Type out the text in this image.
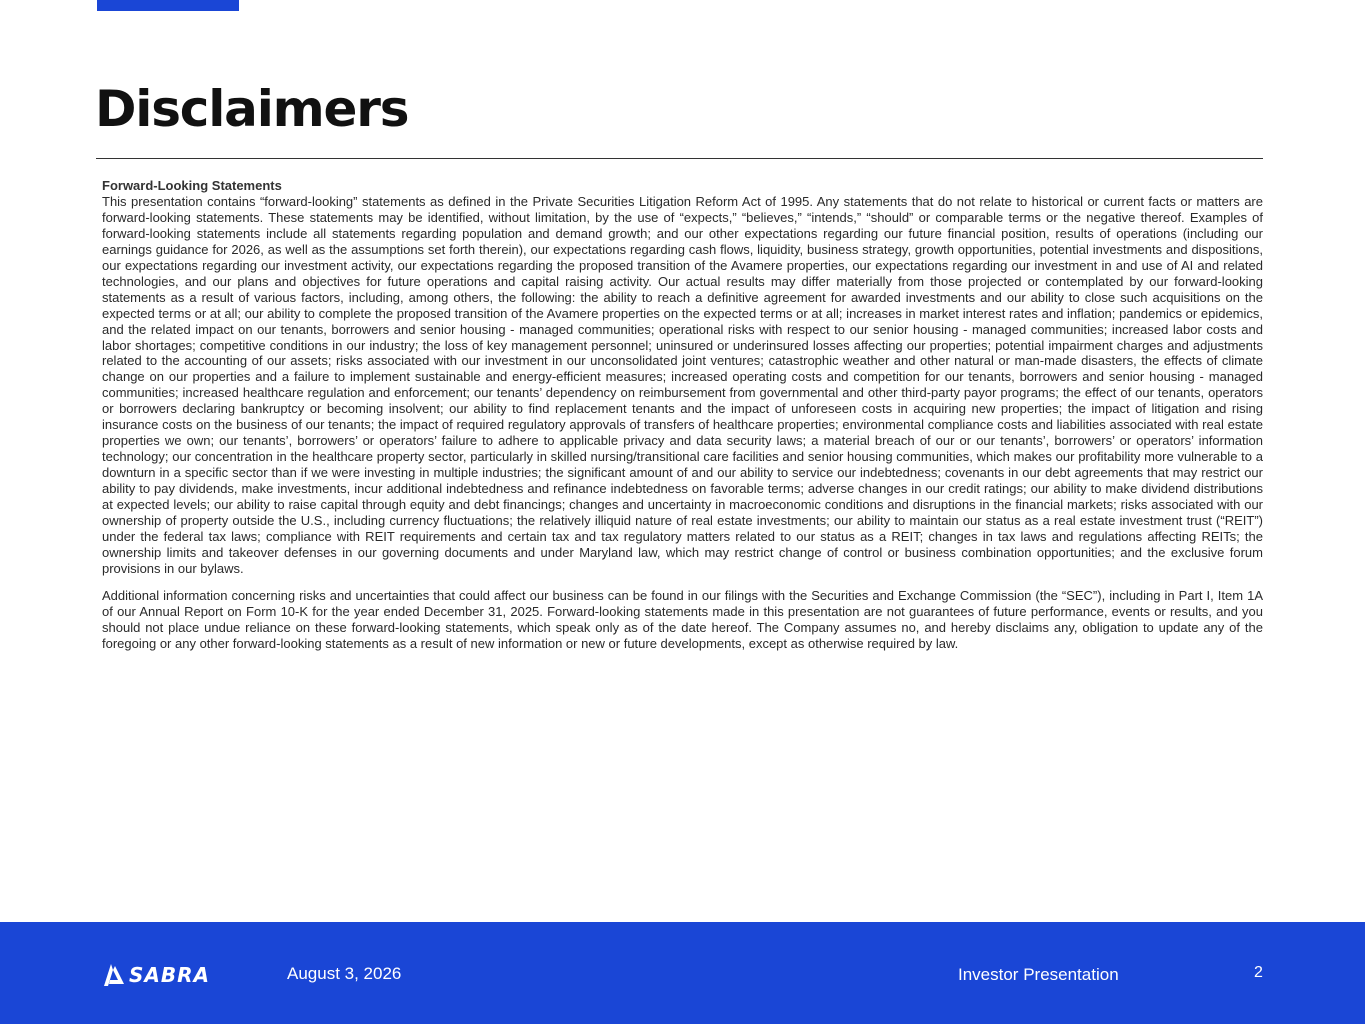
Disclaimers

Forward-Looking Statements

This presentation contains “forward-looking” statements as defined in the Private Securities Litigation Reform Act of 1995. Any statements that do not relate to historical or current facts or matters are forward-looking statements. These statements may be identified, without limitation, by the use of “expects,” “believes,” “intends,” “should” or comparable terms or the negative thereof. Examples of forward-looking statements include all statements regarding population and demand growth; and our other expectations regarding our future financial position, results of operations (including our earnings guidance for 2026, as well as the assumptions set forth therein), our expectations regarding cash flows, liquidity, business strategy, growth opportunities, potential investments and dispositions, our expectations regarding our investment activity, our expectations regarding the proposed transition of the Avamere properties, our expectations regarding our investment in and use of AI and related technologies, and our plans and objectives for future operations and capital raising activity. Our actual results may differ materially from those projected or contemplated by our forward-looking statements as a result of various factors, including, among others, the following: the ability to reach a definitive agreement for awarded investments and our ability to close such acquisitions on the expected terms or at all; our ability to complete the proposed transition of the Avamere properties on the expected terms or at all; increases in market interest rates and inflation; pandemics or epidemics, and the related impact on our tenants, borrowers and senior housing - managed communities; operational risks with respect to our senior housing - managed communities; increased labor costs and labor shortages; competitive conditions in our industry; the loss of key management personnel; uninsured or underinsured losses affecting our properties; potential impairment charges and adjustments related to the accounting of our assets; risks associated with our investment in our unconsolidated joint ventures; catastrophic weather and other natural or man-made disasters, the effects of climate change on our properties and a failure to implement sustainable and energy-efficient measures; increased operating costs and competition for our tenants, borrowers and senior housing - managed communities; increased healthcare regulation and enforcement; our tenants’ dependency on reimbursement from governmental and other third-party payor programs; the effect of our tenants, operators or borrowers declaring bankruptcy or becoming insolvent; our ability to find replacement tenants and the impact of unforeseen costs in acquiring new properties; the impact of litigation and rising insurance costs on the business of our tenants; the impact of required regulatory approvals of transfers of healthcare properties; environmental compliance costs and liabilities associated with real estate properties we own; our tenants’, borrowers’ or operators’ failure to adhere to applicable privacy and data security laws; a material breach of our or our tenants’, borrowers’ or operators’ information technology; our concentration in the healthcare property sector, particularly in skilled nursing/transitional care facilities and senior housing communities, which makes our profitability more vulnerable to a downturn in a specific sector than if we were investing in multiple industries; the significant amount of and our ability to service our indebtedness; covenants in our debt agreements that may restrict our ability to pay dividends, make investments, incur additional indebtedness and refinance indebtedness on favorable terms; adverse changes in our credit ratings; our ability to make dividend distributions at expected levels; our ability to raise capital through equity and debt financings; changes and uncertainty in macroeconomic conditions and disruptions in the financial markets; risks associated with our ownership of property outside the U.S., including currency fluctuations; the relatively illiquid nature of real estate investments; our ability to maintain our status as a real estate investment trust (“REIT”) under the federal tax laws; compliance with REIT requirements and certain tax and tax regulatory matters related to our status as a REIT; changes in tax laws and regulations affecting REITs; the ownership limits and takeover defenses in our governing documents and under Maryland law, which may restrict change of control or business combination opportunities; and the exclusive forum provisions in our bylaws.

Additional information concerning risks and uncertainties that could affect our business can be found in our filings with the Securities and Exchange Commission (the “SEC”), including in Part I, Item 1A of our Annual Report on Form 10-K for the year ended December 31, 2025. Forward-looking statements made in this presentation are not guarantees of future performance, events or results, and you should not place undue reliance on these forward-looking statements, which speak only as of the date hereof. The Company assumes no, and hereby disclaims any, obligation to update any of the foregoing or any other forward-looking statements as a result of new information or new or future developments, except as otherwise required by law.

SABRA	August 3, 2026	Investor Presentation	2
